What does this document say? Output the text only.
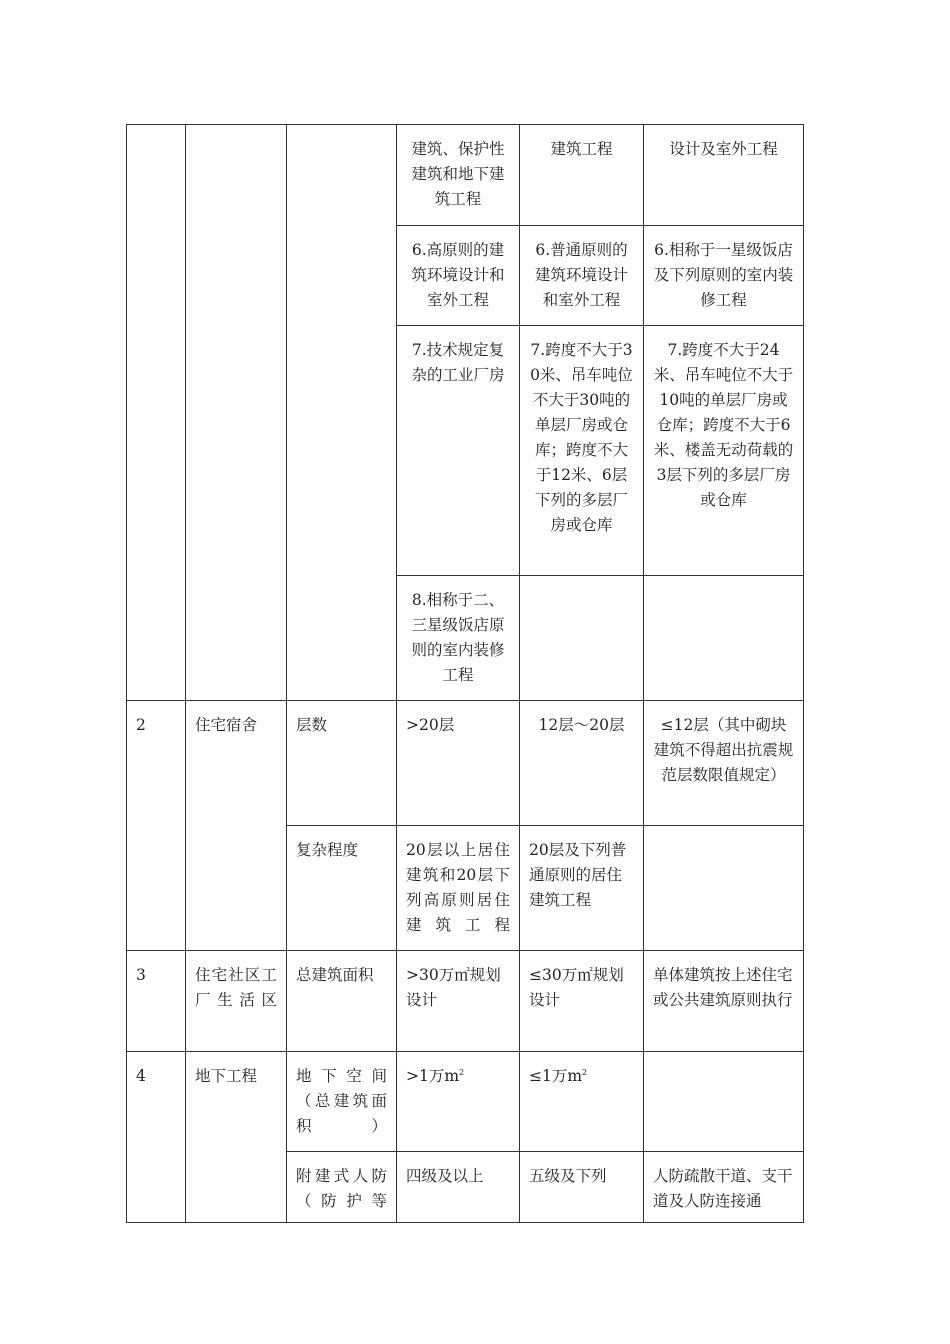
			建筑、保护性建筑和地下建筑工程	建筑工程	设计及室外工程
			6.高原则的建筑环境设计和室外工程	6.普通原则的建筑环境设计和室外工程	6.相称于一星级饭店及下列原则的室内装修工程
			7.技术规定复杂的工业厂房	7.跨度不大于30米、吊车吨位不大于30吨的单层厂房或仓库；跨度不大于12米、6层下列的多层厂房或仓库	7.跨度不大于24米、吊车吨位不大于10吨的单层厂房或仓库；跨度不大于6米、楼盖无动荷载的3层下列的多层厂房或仓库
			8.相称于二、三星级饭店原则的室内装修工程		
2	住宅宿舍	层数	>20层	12层～20层	≤12层（其中砌块建筑不得超出抗震规范层数限值规定）
		复杂程度	20层以上居住建筑和20层下列高原则居住建筑工程	20层及下列普通原则的居住建筑工程	
3	住宅社区工厂生活区	总建筑面积	>30万㎡规划设计	≤30万㎡规划设计	单体建筑按上述住宅或公共建筑原则执行
4	地下工程	地下空间（总建筑面积）	>1万$m^2$	≤1万$m^2$	
		附建式人防（防护等	四级及以上	五级及下列	人防疏散干道、支干道及人防连接通
